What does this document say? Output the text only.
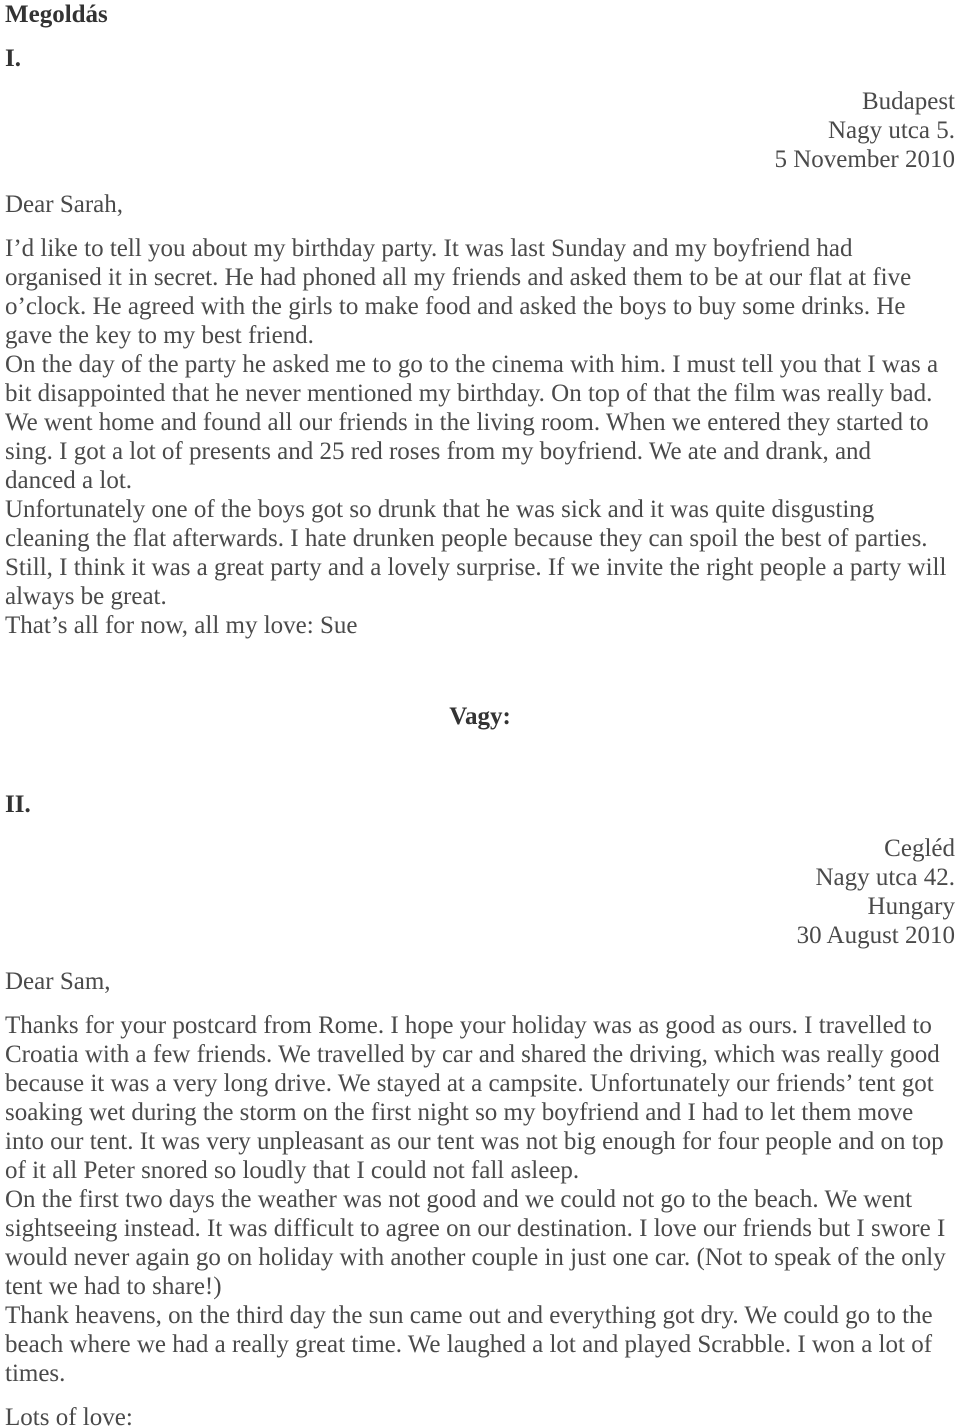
Megoldás
I.
Budapest
Nagy utca 5.
5 November 2010
Dear Sarah,
I’d like to tell you about my birthday party. It was last Sunday and my boyfriend had
organised it in secret. He had phoned all my friends and asked them to be at our flat at five
o’clock. He agreed with the girls to make food and asked the boys to buy some drinks. He
gave the key to my best friend.
On the day of the party he asked me to go to the cinema with him. I must tell you that I was a
bit disappointed that he never mentioned my birthday. On top of that the film was really bad.
We went home and found all our friends in the living room. When we entered they started to
sing. I got a lot of presents and 25 red roses from my boyfriend. We ate and drank, and
danced a lot.
Unfortunately one of the boys got so drunk that he was sick and it was quite disgusting
cleaning the flat afterwards. I hate drunken people because they can spoil the best of parties.
Still, I think it was a great party and a lovely surprise. If we invite the right people a party will
always be great.
That’s all for now, all my love: Sue
Vagy:
II.
Cegléd
Nagy utca 42.
Hungary
30 August 2010
Dear Sam,
Thanks for your postcard from Rome. I hope your holiday was as good as ours. I travelled to
Croatia with a few friends. We travelled by car and shared the driving, which was really good
because it was a very long drive. We stayed at a campsite. Unfortunately our friends’ tent got
soaking wet during the storm on the first night so my boyfriend and I had to let them move
into our tent. It was very unpleasant as our tent was not big enough for four people and on top
of it all Peter snored so loudly that I could not fall asleep.
On the first two days the weather was not good and we could not go to the beach. We went
sightseeing instead. It was difficult to agree on our destination. I love our friends but I swore I
would never again go on holiday with another couple in just one car. (Not to speak of the only
tent we had to share!)
Thank heavens, on the third day the sun came out and everything got dry. We could go to the
beach where we had a really great time. We laughed a lot and played Scrabble. I won a lot of
times.
Lots of love:
